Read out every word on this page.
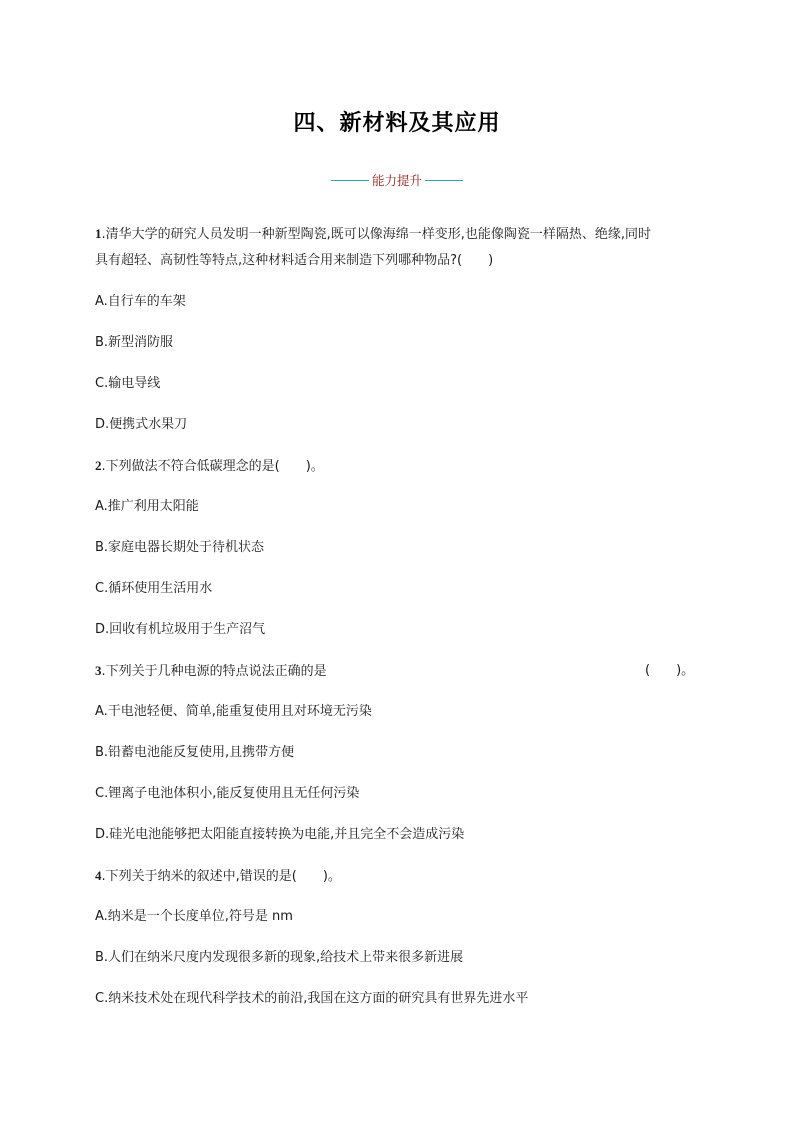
四、新材料及其应用
能力提升
1.清华大学的研究人员发明一种新型陶瓷,既可以像海绵一样变形,也能像陶瓷一样隔热、绝缘,同时
具有超轻、高韧性等特点,这种材料适合用来制造下列哪种物品?(　　)
A.自行车的车架
B.新型消防服
C.输电导线
D.便携式水果刀
2.下列做法不符合低碳理念的是(　　)。
A.推广利用太阳能
B.家庭电器长期处于待机状态
C.循环使用生活用水
D.回收有机垃圾用于生产沼气
3.下列关于几种电源的特点说法正确的是	(　　)。
A.干电池轻便、简单,能重复使用且对环境无污染
B.铅蓄电池能反复使用,且携带方便
C.锂离子电池体积小,能反复使用且无任何污染
D.硅光电池能够把太阳能直接转换为电能,并且完全不会造成污染
4.下列关于纳米的叙述中,错误的是(　　)。
A.纳米是一个长度单位,符号是 nm
B.人们在纳米尺度内发现很多新的现象,给技术上带来很多新进展
C.纳米技术处在现代科学技术的前沿,我国在这方面的研究具有世界先进水平
